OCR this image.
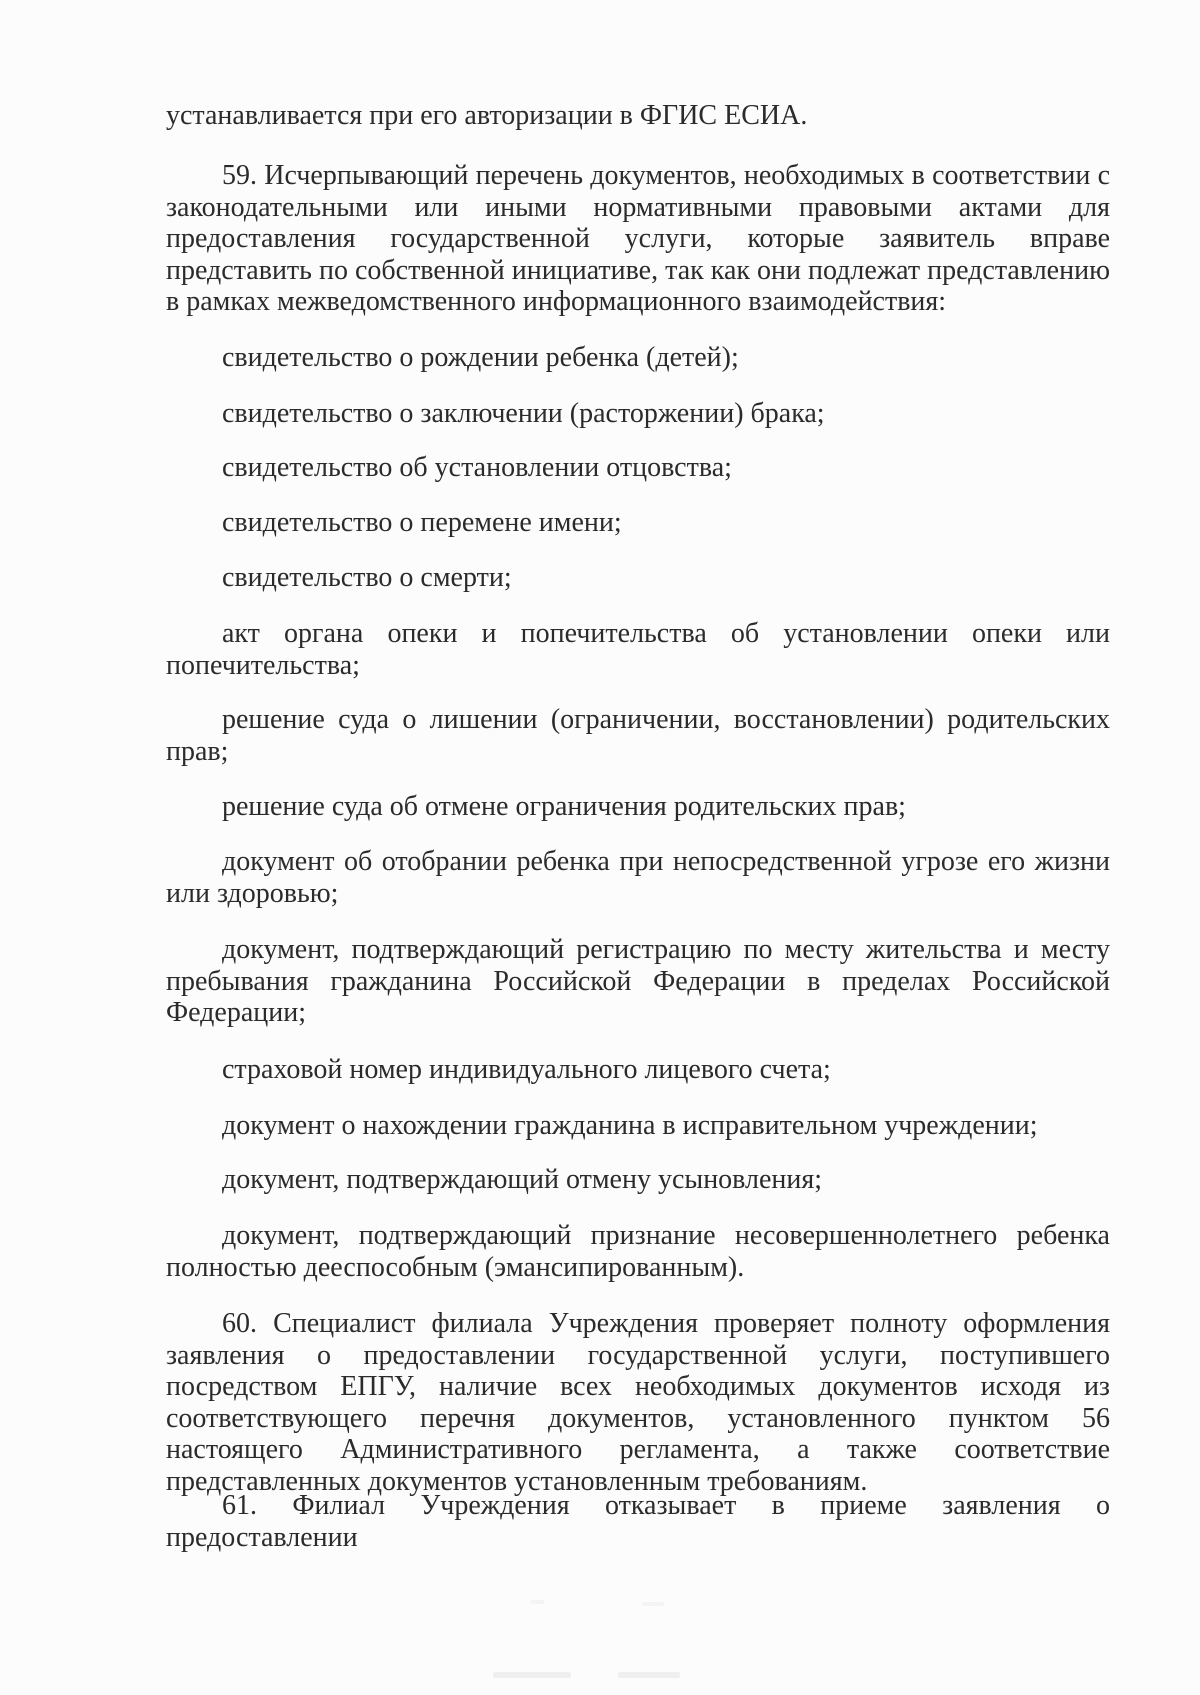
устанавливается при его авторизации в ФГИС ЕСИА.

59. Исчерпывающий перечень документов, необходимых в соответствии с законодательными или иными нормативными правовыми актами для предоставления государственной услуги, которые заявитель вправе представить по собственной инициативе, так как они подлежат представлению в рамках межведомственного информационного взаимодействия:

свидетельство о рождении ребенка (детей);

свидетельство о заключении (расторжении) брака;

свидетельство об установлении отцовства;

свидетельство о перемене имени;

свидетельство о смерти;

акт органа опеки и попечительства об установлении опеки или попечительства;

решение суда о лишении (ограничении, восстановлении) родительских прав;

решение суда об отмене ограничения родительских прав;

документ об отобрании ребенка при непосредственной угрозе его жизни или здоровью;

документ, подтверждающий регистрацию по месту жительства и месту пребывания гражданина Российской Федерации в пределах Российской Федерации;

страховой номер индивидуального лицевого счета;

документ о нахождении гражданина в исправительном учреждении;

документ, подтверждающий отмену усыновления;

документ, подтверждающий признание несовершеннолетнего ребенка полностью дееспособным (эмансипированным).

60. Специалист филиала Учреждения проверяет полноту оформления заявления о предоставлении государственной услуги, поступившего посредством ЕПГУ, наличие всех необходимых документов исходя из соответствующего перечня документов, установленного пунктом 56 настоящего Административного регламента, а также соответствие представленных документов установленным требованиям.

61. Филиал Учреждения отказывает в приеме заявления о предоставлении
